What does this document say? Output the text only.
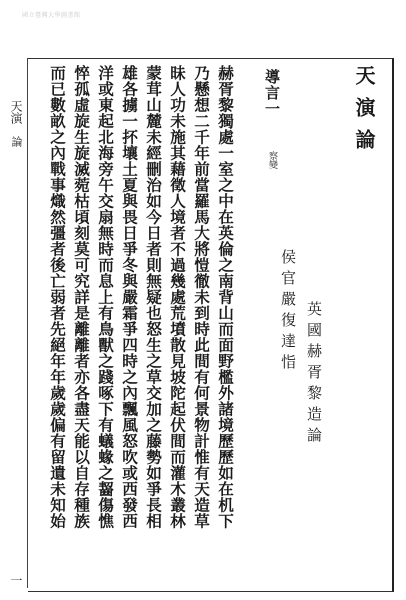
國立臺灣大學圖書館
天演
論
一
天演論
英國赫胥黎造論
侯官嚴復達恉
導言一
察變
赫胥黎獨處一室之中在英倫之南背山而面野檻外諸境歷歷如在机下
乃懸想二千年前當羅馬大將愷徹未到時此間有何景物計惟有天造草
昧人功未施其藉徵人境者不過幾處荒墳散見坡陀起伏間而灌木叢林
蒙茸山麓未經刪治如今日者則無疑也怒生之草交加之藤勢如爭長相
雄各擄一抔壤土夏與畏日爭冬與嚴霜爭四時之內飄風怒吹或西發西
洋或東起北海旁午交扇無時而息上有鳥獸之踐啄下有蟻蝝之齧傷憔
悴孤虛旋生旋滅菀枯頃刻莫可究詳是離離者亦各盡天能以自存種族
而已數畝之內戰事熾然彊者後亡弱者先絕年年歲歲偏有留遺未知始
